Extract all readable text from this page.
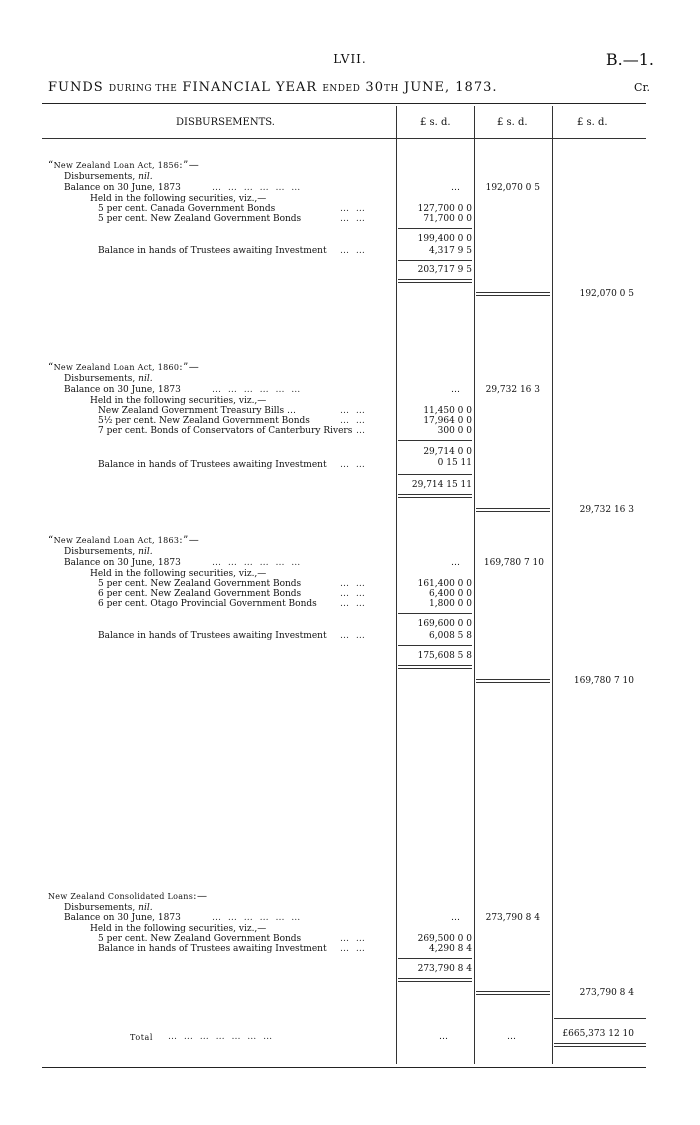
LVII.	B.—1.
FUNDS DURING THE FINANCIAL YEAR ENDED 30TH JUNE, 1873.	Cr.
DISBURSEMENTS.	£ s. d.	£ s. d.	£ s. d.
“New Zealand Loan Act, 1856:”—
Disbursements, nil.
Balance on 30 June, 1873	… … … … … …	…	192,070 0 5
Held in the following securities, viz.,—
5 per cent. Canada Government Bonds	… …	127,700 0 0
5 per cent. New Zealand Government Bonds	… …	71,700 0 0
199,400 0 0
Balance in hands of Trustees awaiting Investment … …	4,317 9 5
203,717 9 5
192,070 0 5
“New Zealand Loan Act, 1860:”—
Disbursements, nil.
Balance on 30 June, 1873	… … … … … …	…	29,732 16 3
Held in the following securities, viz.,—
New Zealand Government Treasury Bills …	… …	11,450 0 0
5½ per cent. New Zealand Government Bonds	… …	17,964 0 0
7 per cent. Bonds of Conservators of Canterbury Rivers …	300 0 0
29,714 0 0
Balance in hands of Trustees awaiting Investment … …	0 15 11
29,714 15 11
29,732 16 3
“New Zealand Loan Act, 1863:”—
Disbursements, nil.
Balance on 30 June, 1873	… … … … … …	…	169,780 7 10
Held in the following securities, viz.,—
5 per cent. New Zealand Government Bonds	… …	161,400 0 0
6 per cent. New Zealand Government Bonds	… …	6,400 0 0
6 per cent. Otago Provincial Government Bonds	… …	1,800 0 0
169,600 0 0
Balance in hands of Trustees awaiting Investment … …	6,008 5 8
175,608 5 8
169,780 7 10
New Zealand Consolidated Loans:—
Disbursements, nil.
Balance on 30 June, 1873	… … … … … …	…	273,790 8 4
Held in the following securities, viz.,—
5 per cent. New Zealand Government Bonds	… …	269,500 0 0
Balance in hands of Trustees awaiting Investment … …	4,290 8 4
273,790 8 4
273,790 8 4
Total … … … … … … …	…	…	£665,373 12 10
